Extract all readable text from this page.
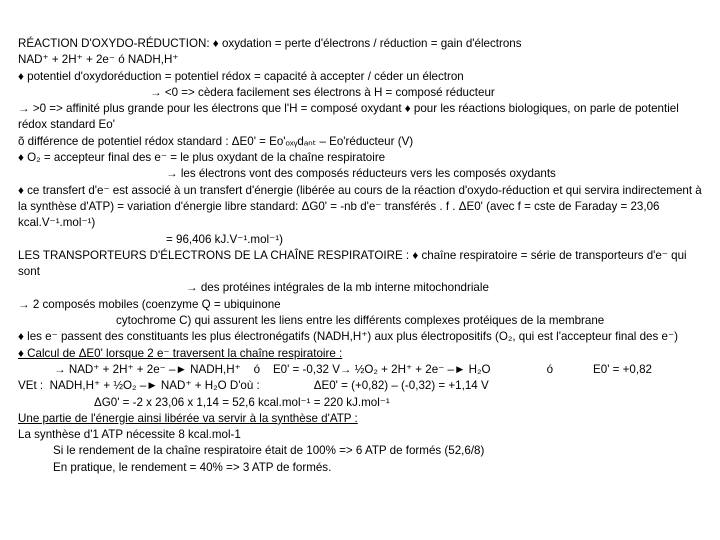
RÉACTION D'OXYDO-RÉDUCTION: ♦ oxydation = perte d'électrons / réduction = gain d'électrons
NAD⁺ + 2H⁺ + 2e⁻ ó NADH,H⁺
♦ potentiel d'oxydoréduction = potentiel rédox = capacité à accepter / céder un électron
→ <0 => cèdera facilement ses électrons à H = composé réducteur
→ >0 => affinité plus grande pour les électrons que l'H = composé oxydant ♦ pour les réactions biologiques, on parle de potentiel rédox standard Eo'
õ différence de potentiel rédox standard : ΔE0' = Eo'ₒₓᵧdₐₙₜ – Eo'réducteur (V)
♦ O₂ = accepteur final des e⁻ = le plus oxydant de la chaîne respiratoire
→ les électrons vont des composés réducteurs vers les composés oxydants
♦ ce transfert d'e⁻ est associé à un transfert d'énergie (libérée au cours de la réaction d'oxydo-réduction et qui servira indirectement à la synthèse d'ATP) = variation d'énergie libre standard: ΔG0' = -nb d'e⁻ transférés . f . ΔE0' (avec f = cste de Faraday = 23,06 kcal.V⁻¹.mol⁻¹)
= 96,406 kJ.V⁻¹.mol⁻¹)
LES TRANSPORTEURS D'ÉLECTRONS DE LA CHAÎNE RESPIRATOIRE : ♦ chaîne respiratoire = série de transporteurs d'e⁻ qui sont
→ des protéines intégrales de la mb interne mitochondriale
→ 2 composés mobiles (coenzyme Q = ubiquinone
cytochrome C) qui assurent les liens entre les différents complexes protéiques de la membrane
♦ les e⁻ passent des constituants les plus électronégatifs (NADH,H⁺) aux plus électropositifs (O₂, qui est l'accepteur final des e⁻)
♦ Calcul de ΔE0' lorsque 2 e⁻ traversent la chaîne respiratoire :
→ NAD⁺ + 2H⁺ + 2e⁻ –► NADH,H⁺    ó    E0' = -0,32 V→ ½O₂ + 2H⁺ + 2e⁻ –► H₂O	ó	E0' = +0,82
VEt :  NADH,H⁺ + ½O₂ –► NAD⁺ + H₂O D'où :	ΔE0' = (+0,82) – (-0,32) = +1,14 V
ΔG0' = -2 x 23,06 x 1,14 = 52,6 kcal.mol⁻¹ = 220 kJ.mol⁻¹
Une partie de l'énergie ainsi libérée va servir à la synthèse d'ATP :
La synthèse d'1 ATP nécessite 8 kcal.mol-1
Si le rendement de la chaîne respiratoire était de 100% => 6 ATP de formés (52,6/8)
En pratique, le rendement = 40% => 3 ATP de formés.
